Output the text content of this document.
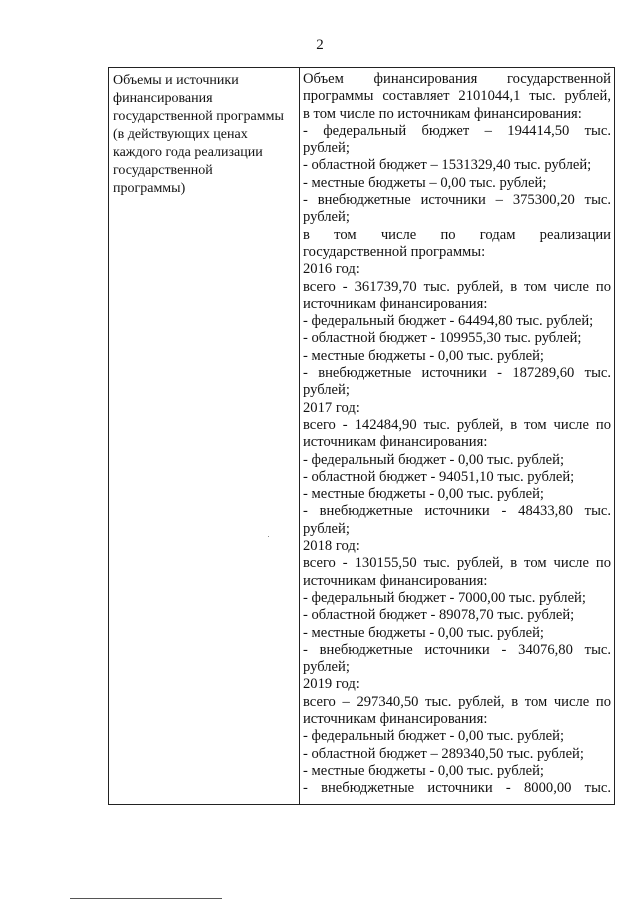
2
Объемы и источники
финансирования
государственной программы
(в действующих ценах
каждого года реализации
государственной
программы)
Объем финансирования государственной
программы составляет 2101044,1 тыс. рублей,
в том числе по источникам финансирования:
- федеральный бюджет – 194414,50 тыс.
рублей;
- областной бюджет – 1531329,40 тыс. рублей;
- местные бюджеты – 0,00 тыс. рублей;
- внебюджетные источники – 375300,20 тыс.
рублей;
в том числе по годам реализации
государственной программы:
2016 год:
всего - 361739,70 тыс. рублей, в том числе по
источникам финансирования:
- федеральный бюджет - 64494,80 тыс. рублей;
- областной бюджет - 109955,30 тыс. рублей;
- местные бюджеты - 0,00 тыс. рублей;
- внебюджетные источники - 187289,60 тыс.
рублей;
2017 год:
всего - 142484,90 тыс. рублей, в том числе по
источникам финансирования:
- федеральный бюджет - 0,00 тыс. рублей;
- областной бюджет - 94051,10 тыс. рублей;
- местные бюджеты - 0,00 тыс. рублей;
- внебюджетные источники - 48433,80 тыс.
рублей;
2018 год:
всего - 130155,50 тыс. рублей, в том числе по
источникам финансирования:
- федеральный бюджет - 7000,00 тыс. рублей;
- областной бюджет - 89078,70 тыс. рублей;
- местные бюджеты - 0,00 тыс. рублей;
- внебюджетные источники - 34076,80 тыс.
рублей;
2019 год:
всего – 297340,50 тыс. рублей, в том числе по
источникам финансирования:
- федеральный бюджет - 0,00 тыс. рублей;
- областной бюджет – 289340,50 тыс. рублей;
- местные бюджеты - 0,00 тыс. рублей;
- внебюджетные источники - 8000,00 тыс.
